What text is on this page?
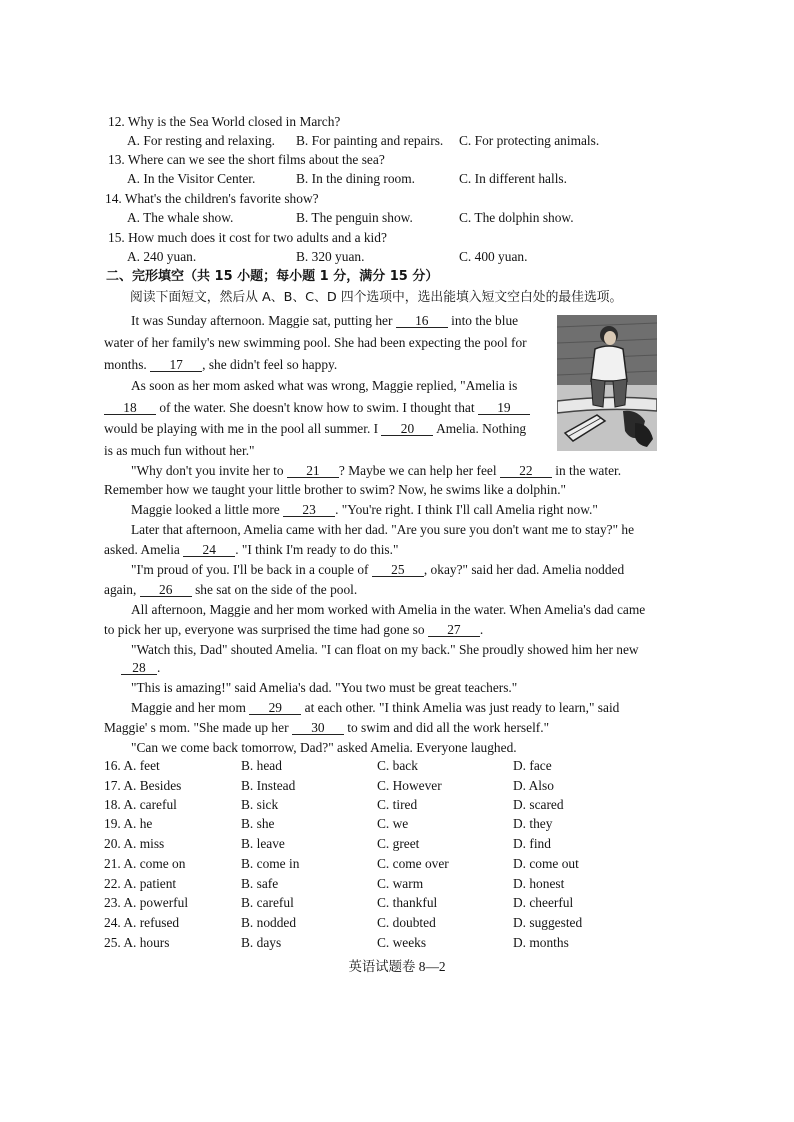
12. Why is the Sea World closed in March?
A. For resting and relaxing. B. For painting and repairs. C. For protecting animals.
13. Where can we see the short films about the sea?
A. In the Visitor Center.	B. In the dining room.	C. In different halls.
14. What's the children's favorite show?
A. The whale show.	B. The penguin show.	C. The dolphin show.
15. How much does it cost for two adults and a kid?
A. 240 yuan.	B. 320 yuan.	C. 400 yuan.
二、完形填空（共 15 小题；每小题 1 分，满分 15 分）
阅读下面短文，然后从 A、B、C、D 四个选项中，选出能填入短文空白处的最佳选项。
It was Sunday afternoon. Maggie sat, putting her 16 into the blue
water of her family's new swimming pool. She had been expecting the pool for
months. 17 , she didn't feel so happy.
As soon as her mom asked what was wrong, Maggie replied, "Amelia is
18 of the water. She doesn't know how to swim. I thought that 19
would be playing with me in the pool all summer. I 20 Amelia. Nothing
is as much fun without her."
"Why don't you invite her to 21 ? Maybe we can help her feel 22 in the water.
Remember how we taught your little brother to swim? Now, he swims like a dolphin."
Maggie looked a little more 23 . "You're right. I think I'll call Amelia right now."
Later that afternoon, Amelia came with her dad. "Are you sure you don't want me to stay?" he
asked. Amelia 24 . "I think I'm ready to do this."
"I'm proud of you. I'll be back in a couple of 25 , okay?" said her dad. Amelia nodded
again, 26 she sat on the side of the pool.
All afternoon, Maggie and her mom worked with Amelia in the water. When Amelia's dad came
to pick her up, everyone was surprised the time had gone so 27 .
"Watch this, Dad" shouted Amelia. "I can float on my back." She proudly showed him her new
28 .
"This is amazing!" said Amelia's dad. "You two must be great teachers."
Maggie and her mom 29 at each other. "I think Amelia was just ready to learn," said
Maggie' s mom. "She made up her 30 to swim and did all the work herself."
"Can we come back tomorrow, Dad?" asked Amelia. Everyone laughed.
16. A. feet	B. head	C. back	D. face
17. A. Besides	B. Instead	C. However	D. Also
18. A. careful	B. sick	C. tired	D. scared
19. A. he	B. she	C. we	D. they
20. A. miss	B. leave	C. greet	D. find
21. A. come on	B. come in	C. come over	D. come out
22. A. patient	B. safe	C. warm	D. honest
23. A. powerful	B. careful	C. thankful	D. cheerful
24. A. refused	B. nodded	C. doubted	D. suggested
25. A. hours	B. days	C. weeks	D. months
英语试题卷 8—2
